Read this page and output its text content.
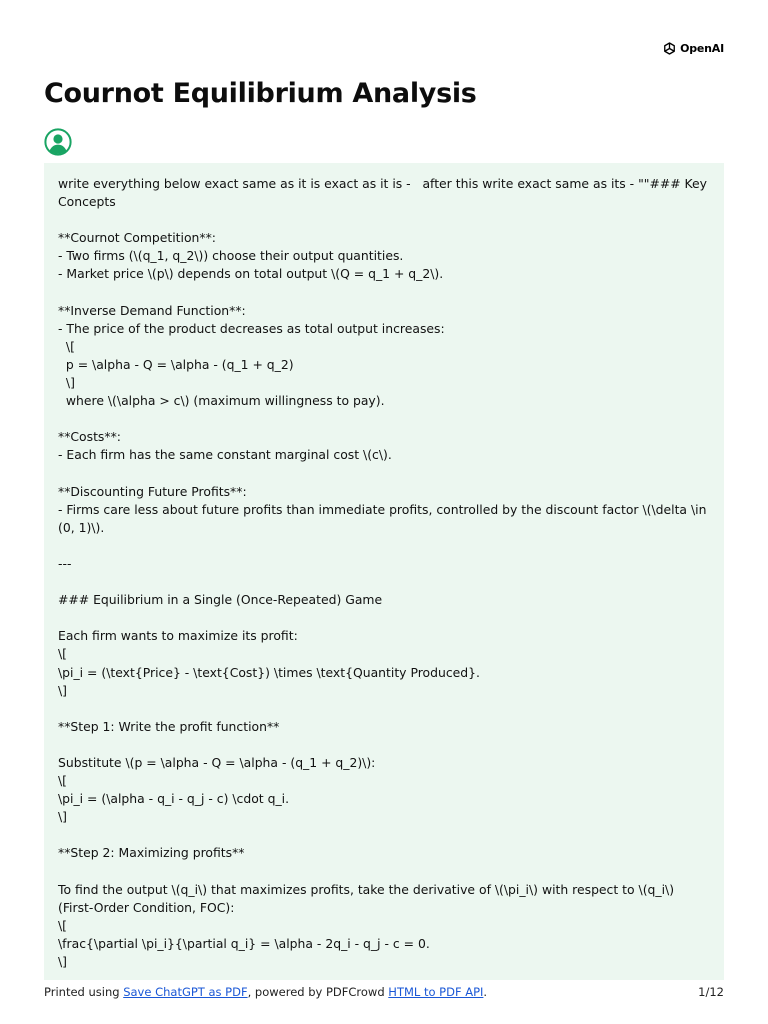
OpenAI
Cournot Equilibrium Analysis

write everything below exact same as it is exact as it is -   after this write exact same as its - ""### Key Concepts

**Cournot Competition**:
- Two firms (\(q_1, q_2\)) choose their output quantities.
- Market price \(p\) depends on total output \(Q = q_1 + q_2\).

**Inverse Demand Function**:
- The price of the product decreases as total output increases:
\[
p = \alpha - Q = \alpha - (q_1 + q_2)
\]
where \(\alpha > c\) (maximum willingness to pay).

**Costs**:
- Each firm has the same constant marginal cost \(c\).

**Discounting Future Profits**:
- Firms care less about future profits than immediate profits, controlled by the discount factor \(\delta \in (0, 1)\).

---

### Equilibrium in a Single (Once-Repeated) Game

Each firm wants to maximize its profit:
\[
\pi_i = (\text{Price} - \text{Cost}) \times \text{Quantity Produced}.
\]

**Step 1: Write the profit function**

Substitute \(p = \alpha - Q = \alpha - (q_1 + q_2)\):
\[
\pi_i = (\alpha - q_i - q_j - c) \cdot q_i.
\]

**Step 2: Maximizing profits**

To find the output \(q_i\) that maximizes profits, take the derivative of \(\pi_i\) with respect to \(q_i\) (First-Order Condition, FOC):
\[
\frac{\partial \pi_i}{\partial q_i} = \alpha - 2q_i - q_j - c = 0.
\]

Printed using Save ChatGPT as PDF, powered by PDFCrowd HTML to PDF API.	1/12
